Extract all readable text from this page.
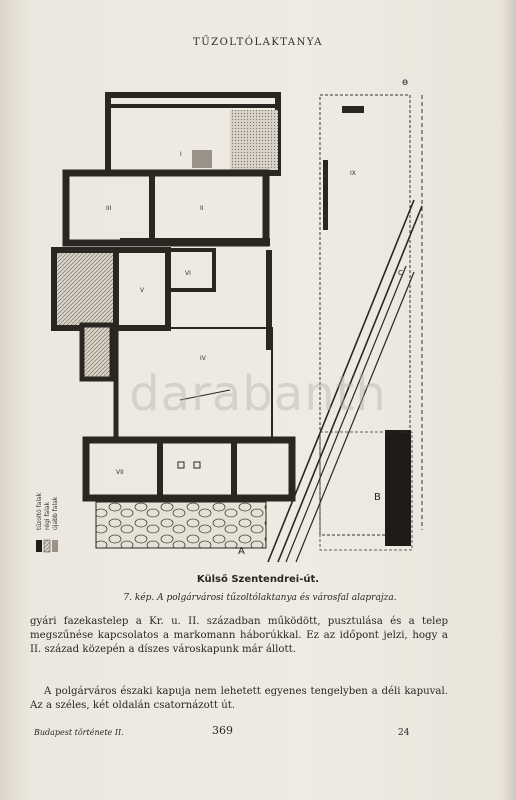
TŰZOLTÓLAKTANYA
ɵ
I
II
III
IV
V
VI
VII
IX
A
B
C
tűzoltó falak régi falak újabb falak
Külső Szentendrei-út.
7. kép. A polgárvárosi tűzoltólaktanya és városfal alaprajza.
darabanth
gyári fazekastelep a Kr. u. II. században működött, pusztulása és a telep megszűnése kapcsolatos a markomann háborúkkal. Ez az időpont jelzi, hogy a II. század közepén a díszes városkapunk már állott.
A polgárváros északi kapuja nem lehetett egyenes tengelyben a déli kapuval. Az a széles, két oldalán csatornázott út.
Budapest története II.	369	24
